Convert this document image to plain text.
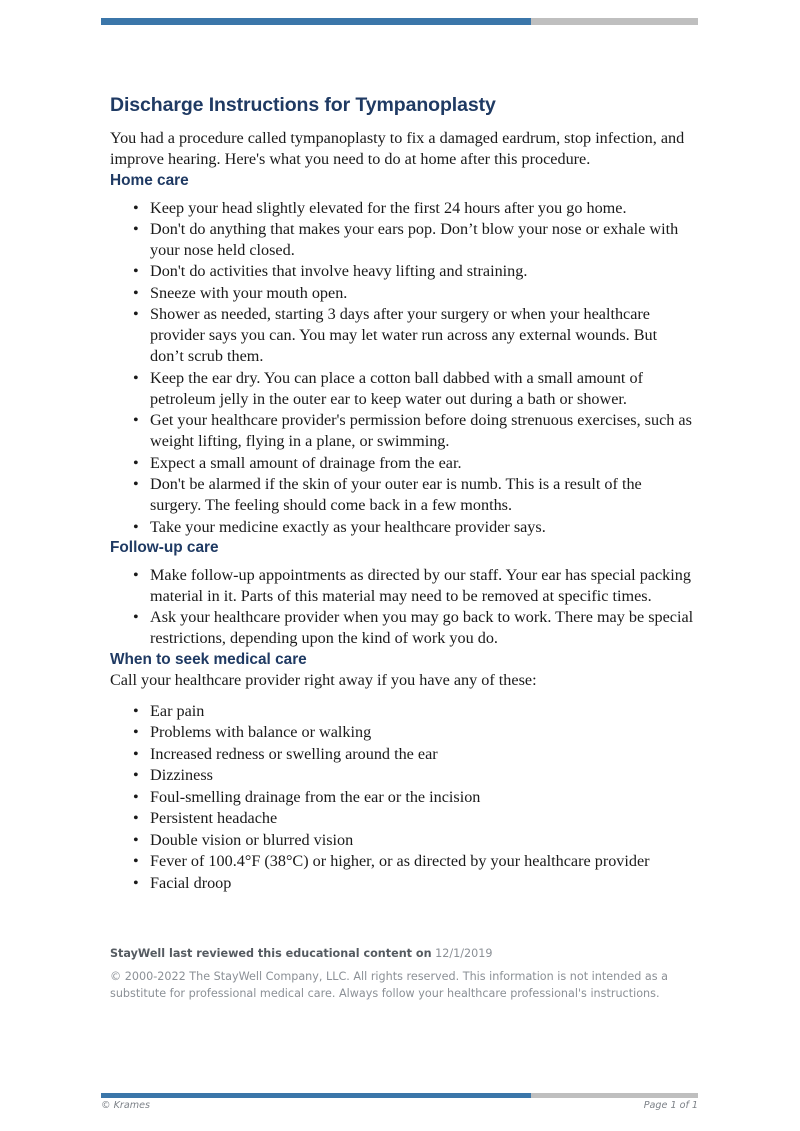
Discharge Instructions for Tympanoplasty

You had a procedure called tympanoplasty to fix a damaged eardrum, stop infection, and improve hearing. Here's what you need to do at home after this procedure.

Home care
• Keep your head slightly elevated for the first 24 hours after you go home.
• Don't do anything that makes your ears pop. Don’t blow your nose or exhale with your nose held closed.
• Don't do activities that involve heavy lifting and straining.
• Sneeze with your mouth open.
• Shower as needed, starting 3 days after your surgery or when your healthcare provider says you can. You may let water run across any external wounds. But don’t scrub them.
• Keep the ear dry. You can place a cotton ball dabbed with a small amount of petroleum jelly in the outer ear to keep water out during a bath or shower.
• Get your healthcare provider's permission before doing strenuous exercises, such as weight lifting, flying in a plane, or swimming.
• Expect a small amount of drainage from the ear.
• Don't be alarmed if the skin of your outer ear is numb. This is a result of the surgery. The feeling should come back in a few months.
• Take your medicine exactly as your healthcare provider says.
Follow-up care
• Make follow-up appointments as directed by our staff. Your ear has special packing material in it. Parts of this material may need to be removed at specific times.
• Ask your healthcare provider when you may go back to work. There may be special restrictions, depending upon the kind of work you do.
When to seek medical care

Call your healthcare provider right away if you have any of these:

• Ear pain
• Problems with balance or walking
• Increased redness or swelling around the ear
• Dizziness
• Foul-smelling drainage from the ear or the incision
• Persistent headache
• Double vision or blurred vision
• Fever of 100.4°F (38°C) or higher, or as directed by your healthcare provider
• Facial droop
StayWell last reviewed this educational content on 12/1/2019
© 2000-2022 The StayWell Company, LLC. All rights reserved. This information is not intended as a substitute for professional medical care. Always follow your healthcare professional's instructions.
© Krames	Page 1 of 1
